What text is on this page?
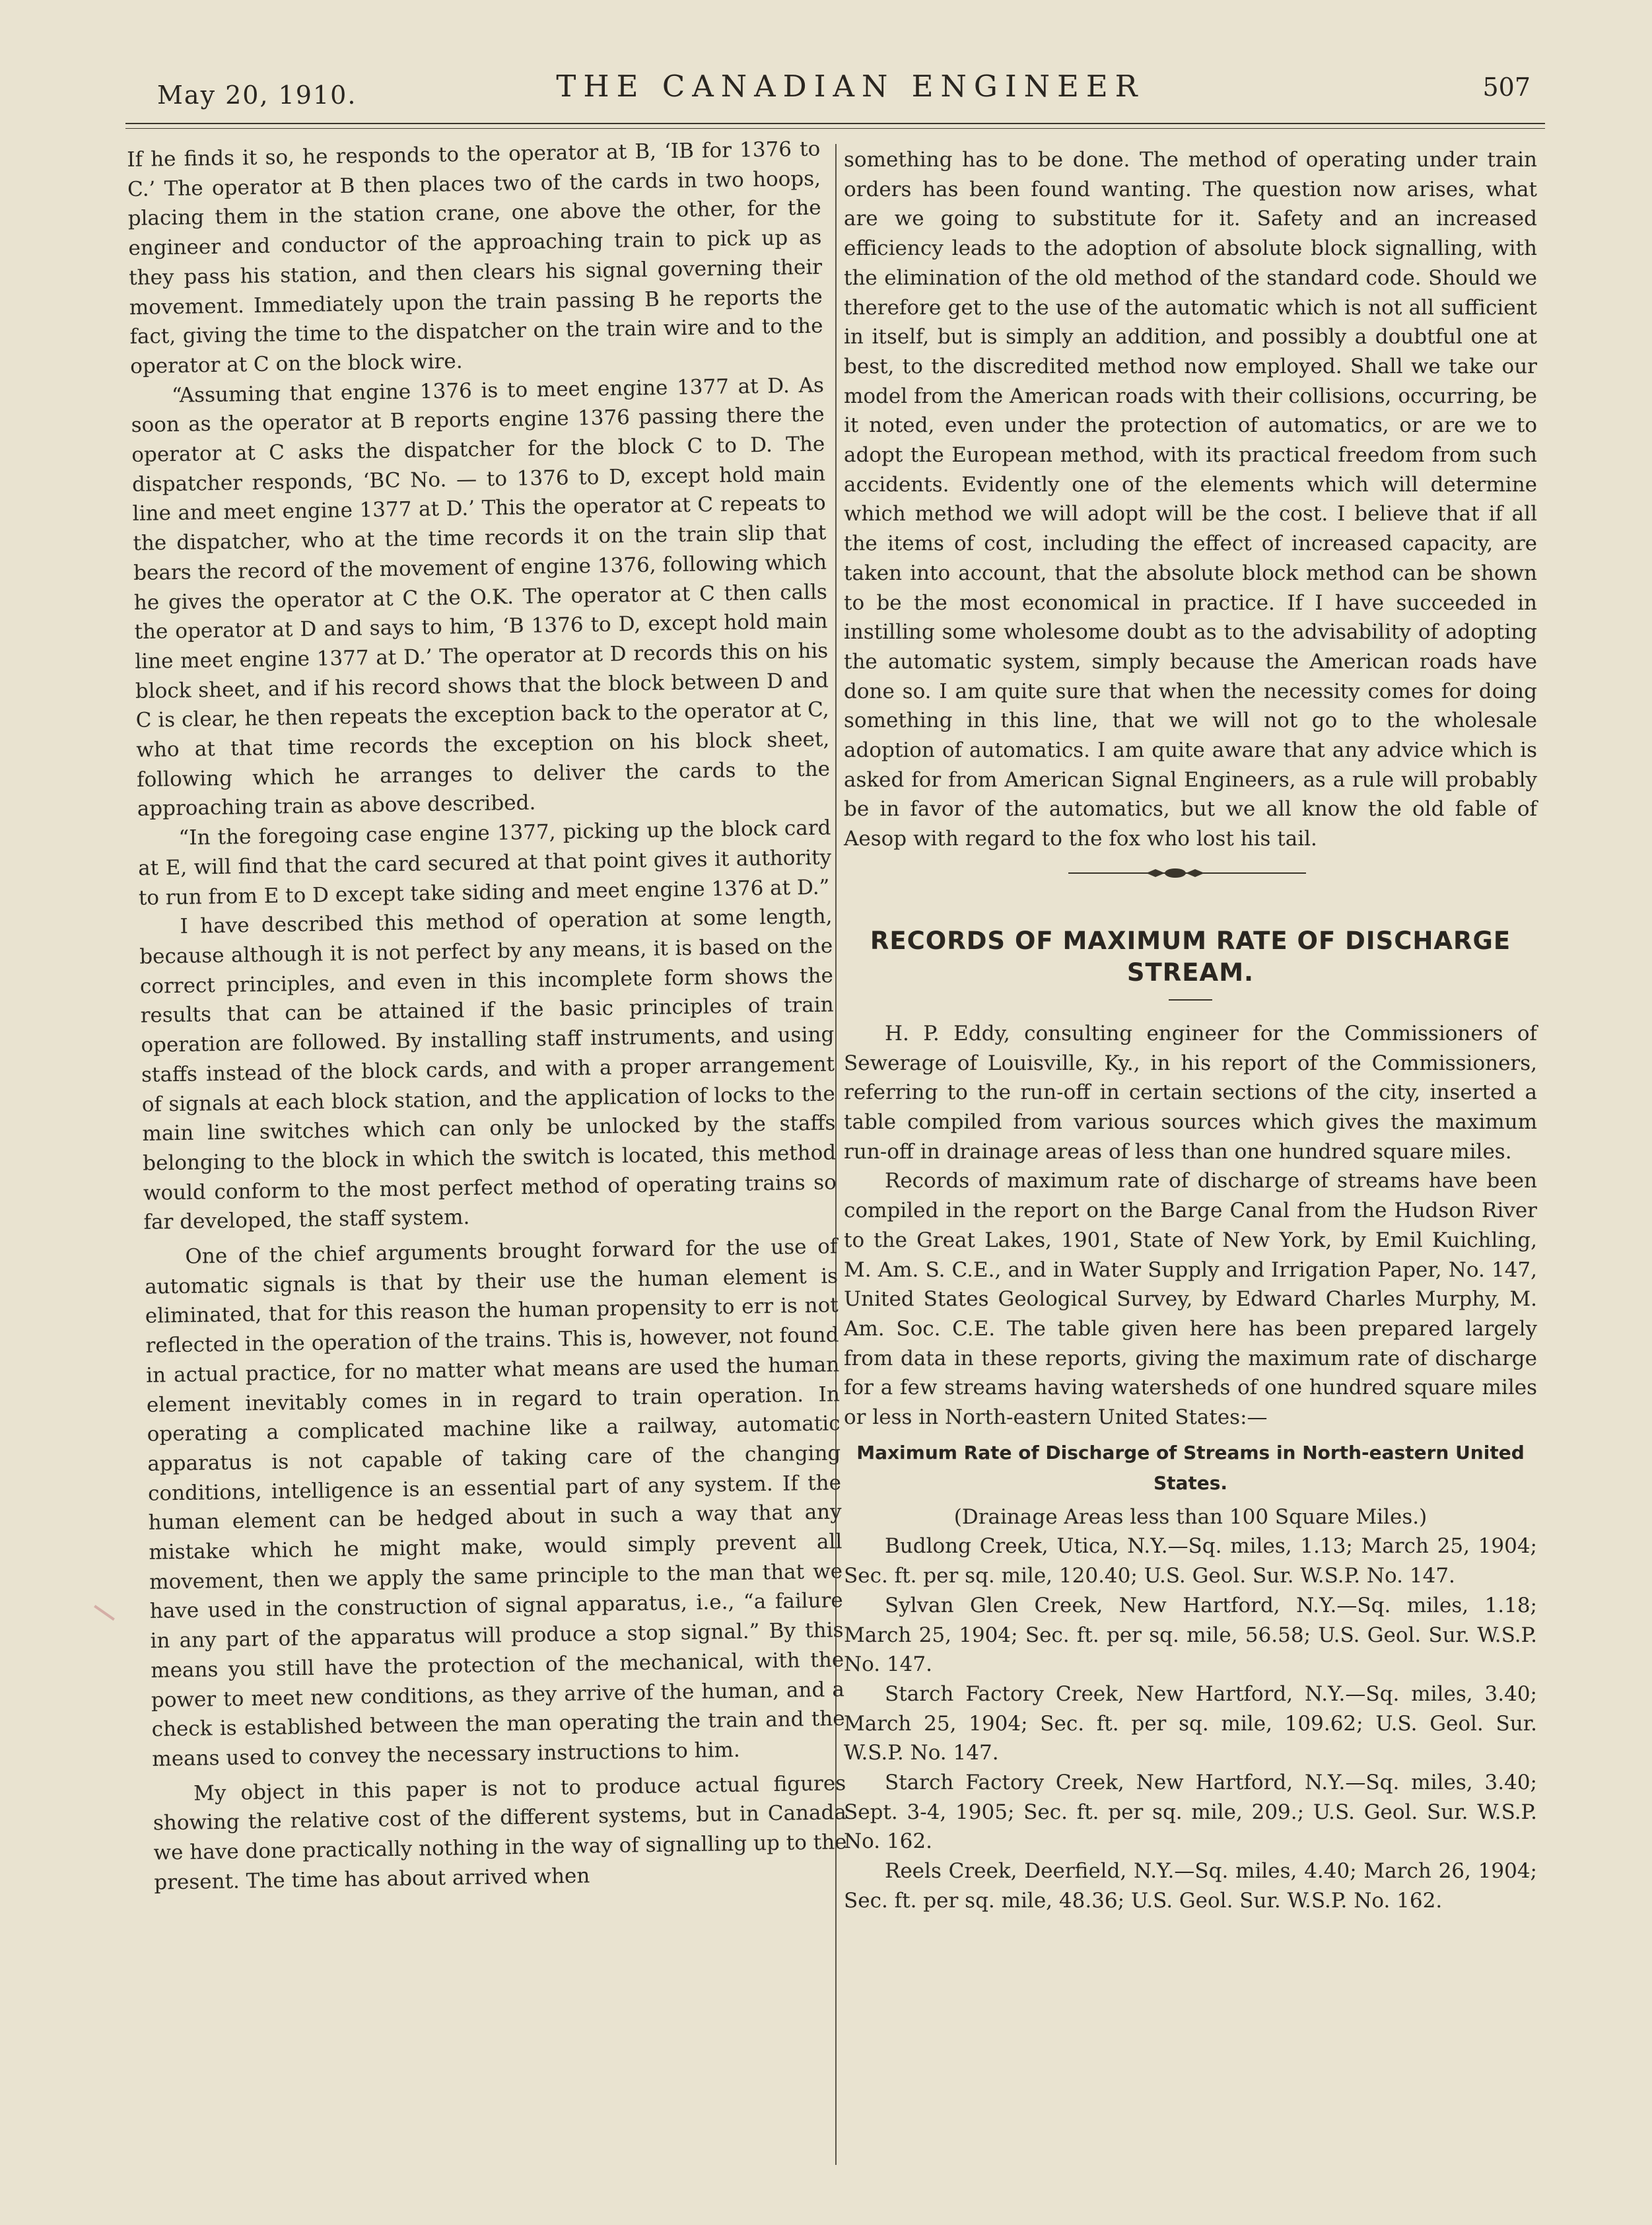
May 20, 1910.	THE CANADIAN ENGINEER	507

If he finds it so, he responds to the operator at B, ‘IB for 1376 to C.’ The operator at B then places two of the cards in two hoops, placing them in the station crane, one above the other, for the engineer and conductor of the approaching train to pick up as they pass his station, and then clears his signal governing their movement. Immediately upon the train passing B he reports the fact, giving the time to the dispatcher on the train wire and to the operator at C on the block wire.

“Assuming that engine 1376 is to meet engine 1377 at D. As soon as the operator at B reports engine 1376 passing there the operator at C asks the dispatcher for the block C to D. The dispatcher responds, ‘BC No. — to 1376 to D, except hold main line and meet engine 1377 at D.’ This the operator at C repeats to the dispatcher, who at the time records it on the train slip that bears the record of the movement of engine 1376, following which he gives the operator at C the O.K. The operator at C then calls the operator at D and says to him, ‘B 1376 to D, except hold main line meet engine 1377 at D.’ The operator at D records this on his block sheet, and if his record shows that the block between D and C is clear, he then repeats the exception back to the operator at C, who at that time records the exception on his block sheet, following which he arranges to deliver the cards to the approaching train as above described.

“In the foregoing case engine 1377, picking up the block card at E, will find that the card secured at that point gives it authority to run from E to D except take siding and meet engine 1376 at D.”

I have described this method of operation at some length, because although it is not perfect by any means, it is based on the correct principles, and even in this incomplete form shows the results that can be attained if the basic principles of train operation are followed. By installing staff instruments, and using staffs instead of the block cards, and with a proper arrangement of signals at each block station, and the application of locks to the main line switches which can only be unlocked by the staffs belonging to the block in which the switch is located, this method would conform to the most perfect method of operating trains so far developed, the staff system.

One of the chief arguments brought forward for the use of automatic signals is that by their use the human element is eliminated, that for this reason the human propensity to err is not reflected in the operation of the trains. This is, however, not found in actual practice, for no matter what means are used the human element inevitably comes in in regard to train operation. In operating a complicated machine like a railway, automatic apparatus is not capable of taking care of the changing conditions, intelligence is an essential part of any system. If the human element can be hedged about in such a way that any mistake which he might make, would simply prevent all movement, then we apply the same principle to the man that we have used in the construction of signal apparatus, i.e., “a failure in any part of the apparatus will produce a stop signal.” By this means you still have the protection of the mechanical, with the power to meet new conditions, as they arrive of the human, and a check is established between the man operating the train and the means used to convey the necessary instructions to him.

My object in this paper is not to produce actual figures showing the relative cost of the different systems, but in Canada we have done practically nothing in the way of signalling up to the present. The time has about arrived when

something has to be done. The method of operating under train orders has been found wanting. The question now arises, what are we going to substitute for it. Safety and an increased efficiency leads to the adoption of absolute block signalling, with the elimination of the old method of the standard code. Should we therefore get to the use of the automatic which is not all sufficient in itself, but is simply an addition, and possibly a doubtful one at best, to the discredited method now employed. Shall we take our model from the American roads with their collisions, occurring, be it noted, even under the protection of automatics, or are we to adopt the European method, with its practical freedom from such accidents. Evidently one of the elements which will determine which method we will adopt will be the cost. I believe that if all the items of cost, including the effect of increased capacity, are taken into account, that the absolute block method can be shown to be the most economical in practice. If I have succeeded in instilling some wholesome doubt as to the advisability of adopting the automatic system, simply because the American roads have done so. I am quite sure that when the necessity comes for doing something in this line, that we will not go to the wholesale adoption of automatics. I am quite aware that any advice which is asked for from American Signal Engineers, as a rule will probably be in favor of the automatics, but we all know the old fable of Aesop with regard to the fox who lost his tail.

RECORDS OF MAXIMUM RATE OF DISCHARGE STREAM.

H. P. Eddy, consulting engineer for the Commissioners of Sewerage of Louisville, Ky., in his report of the Commissioners, referring to the run-off in certain sections of the city, inserted a table compiled from various sources which gives the maximum run-off in drainage areas of less than one hundred square miles.

Records of maximum rate of discharge of streams have been compiled in the report on the Barge Canal from the Hudson River to the Great Lakes, 1901, State of New York, by Emil Kuichling, M. Am. S. C.E., and in Water Supply and Irrigation Paper, No. 147, United States Geological Survey, by Edward Charles Murphy, M. Am. Soc. C.E. The table given here has been prepared largely from data in these reports, giving the maximum rate of discharge for a few streams having watersheds of one hundred square miles or less in North-eastern United States:—

Maximum Rate of Discharge of Streams in North-eastern United States.
(Drainage Areas less than 100 Square Miles.)

Budlong Creek, Utica, N.Y.—Sq. miles, 1.13; March 25, 1904; Sec. ft. per sq. mile, 120.40; U.S. Geol. Sur. W.S.P. No. 147.

Sylvan Glen Creek, New Hartford, N.Y.—Sq. miles, 1.18; March 25, 1904; Sec. ft. per sq. mile, 56.58; U.S. Geol. Sur. W.S.P. No. 147.

Starch Factory Creek, New Hartford, N.Y.—Sq. miles, 3.40; March 25, 1904; Sec. ft. per sq. mile, 109.62; U.S. Geol. Sur. W.S.P. No. 147.

Starch Factory Creek, New Hartford, N.Y.—Sq. miles, 3.40; Sept. 3-4, 1905; Sec. ft. per sq. mile, 209.; U.S. Geol. Sur. W.S.P. No. 162.

Reels Creek, Deerfield, N.Y.—Sq. miles, 4.40; March 26, 1904; Sec. ft. per sq. mile, 48.36; U.S. Geol. Sur. W.S.P. No. 162.
